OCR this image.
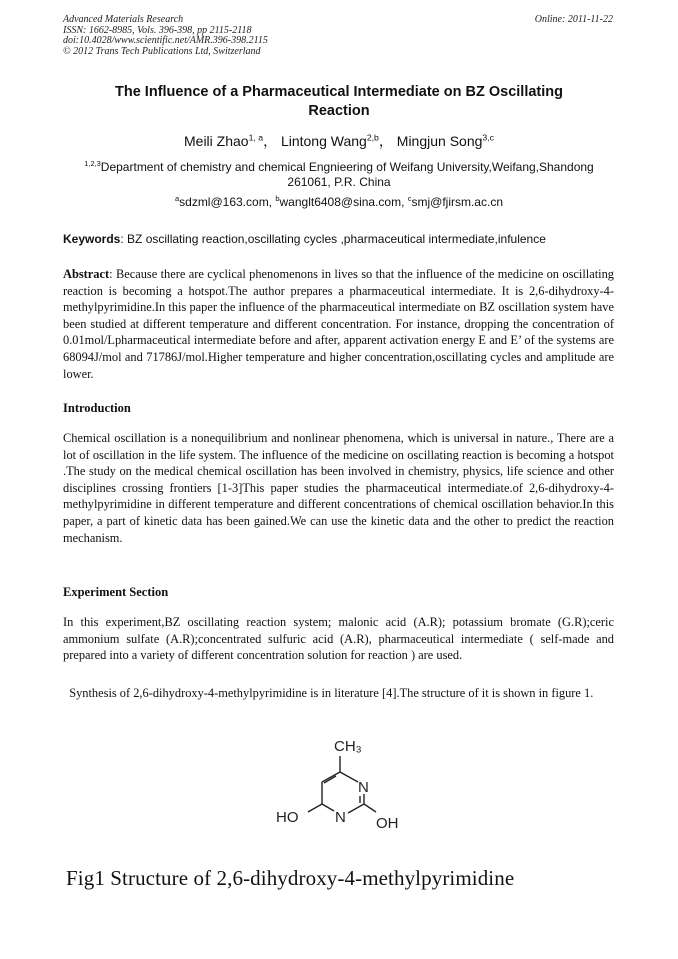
Advanced Materials Research
ISSN: 1662-8985, Vols. 396-398, pp 2115-2118
doi:10.4028/www.scientific.net/AMR.396-398.2115
© 2012 Trans Tech Publications Ltd, Switzerland
Online: 2011-11-22
The Influence of a Pharmaceutical Intermediate on BZ Oscillating
Reaction
Meili Zhao$^{1, a}$， Lintong Wang$^{2,b}$， Mingjun Song$^{3,c}$
$^{1,2,3}$Department of chemistry and chemical Engnieering of Weifang University,Weifang,Shandong
261061, P.R. China
$^a$sdzml@163.com, $^b$wanglt6408@sina.com, $^c$smj@fjirsm.ac.cn
Keywords: BZ oscillating reaction,oscillating cycles ,pharmaceutical intermediate,infulence

Abstract: Because there are cyclical phenomenons in lives so that the influence of the medicine on oscillating reaction is becoming a hotspot.The author prepares a pharmaceutical intermediate. It is 2,6-dihydroxy-4-methylpyrimidine.In this paper the influence of the pharmaceutical intermediate on BZ oscillation system have been studied at different temperature and different concentration. For instance, dropping the concentration of 0.01mol/Lpharmaceutical intermediate before and after, apparent activation energy E and E’ of the systems are 68094J/mol and 71786J/mol.Higher temperature and higher concentration,oscillating cycles and amplitude are lower.

Introduction

Chemical oscillation is a nonequilibrium and nonlinear phenomena, which is universal in nature., There are a lot of oscillation in the life system. The influence of the medicine on oscillating reaction is becoming a hotspot .The study on the medical chemical oscillation has been involved in chemistry, physics, life science and other disciplines crossing frontiers [1-3]This paper studies the pharmaceutical intermediate.of 2,6-dihydroxy-4-methylpyrimidine in different temperature and different concentrations of chemical oscillation behavior.In this paper, a part of kinetic data has been gained.We can use the kinetic data and the other to predict the reaction mechanism.

Experiment Section

In this experiment,BZ oscillating reaction system; malonic acid (A.R); potassium bromate (G.R);ceric ammonium sulfate (A.R);concentrated sulfuric acid (A.R), pharmaceutical intermediate ( self-made and prepared into a variety of different concentration solution for reaction ) are used.

Synthesis of 2,6-dihydroxy-4-methylpyrimidine is in literature [4].The structure of it is shown in figure 1.

CH₃
N
N
HO	OH
Fig1 Structure of 2,6-dihydroxy-4-methylpyrimidine
